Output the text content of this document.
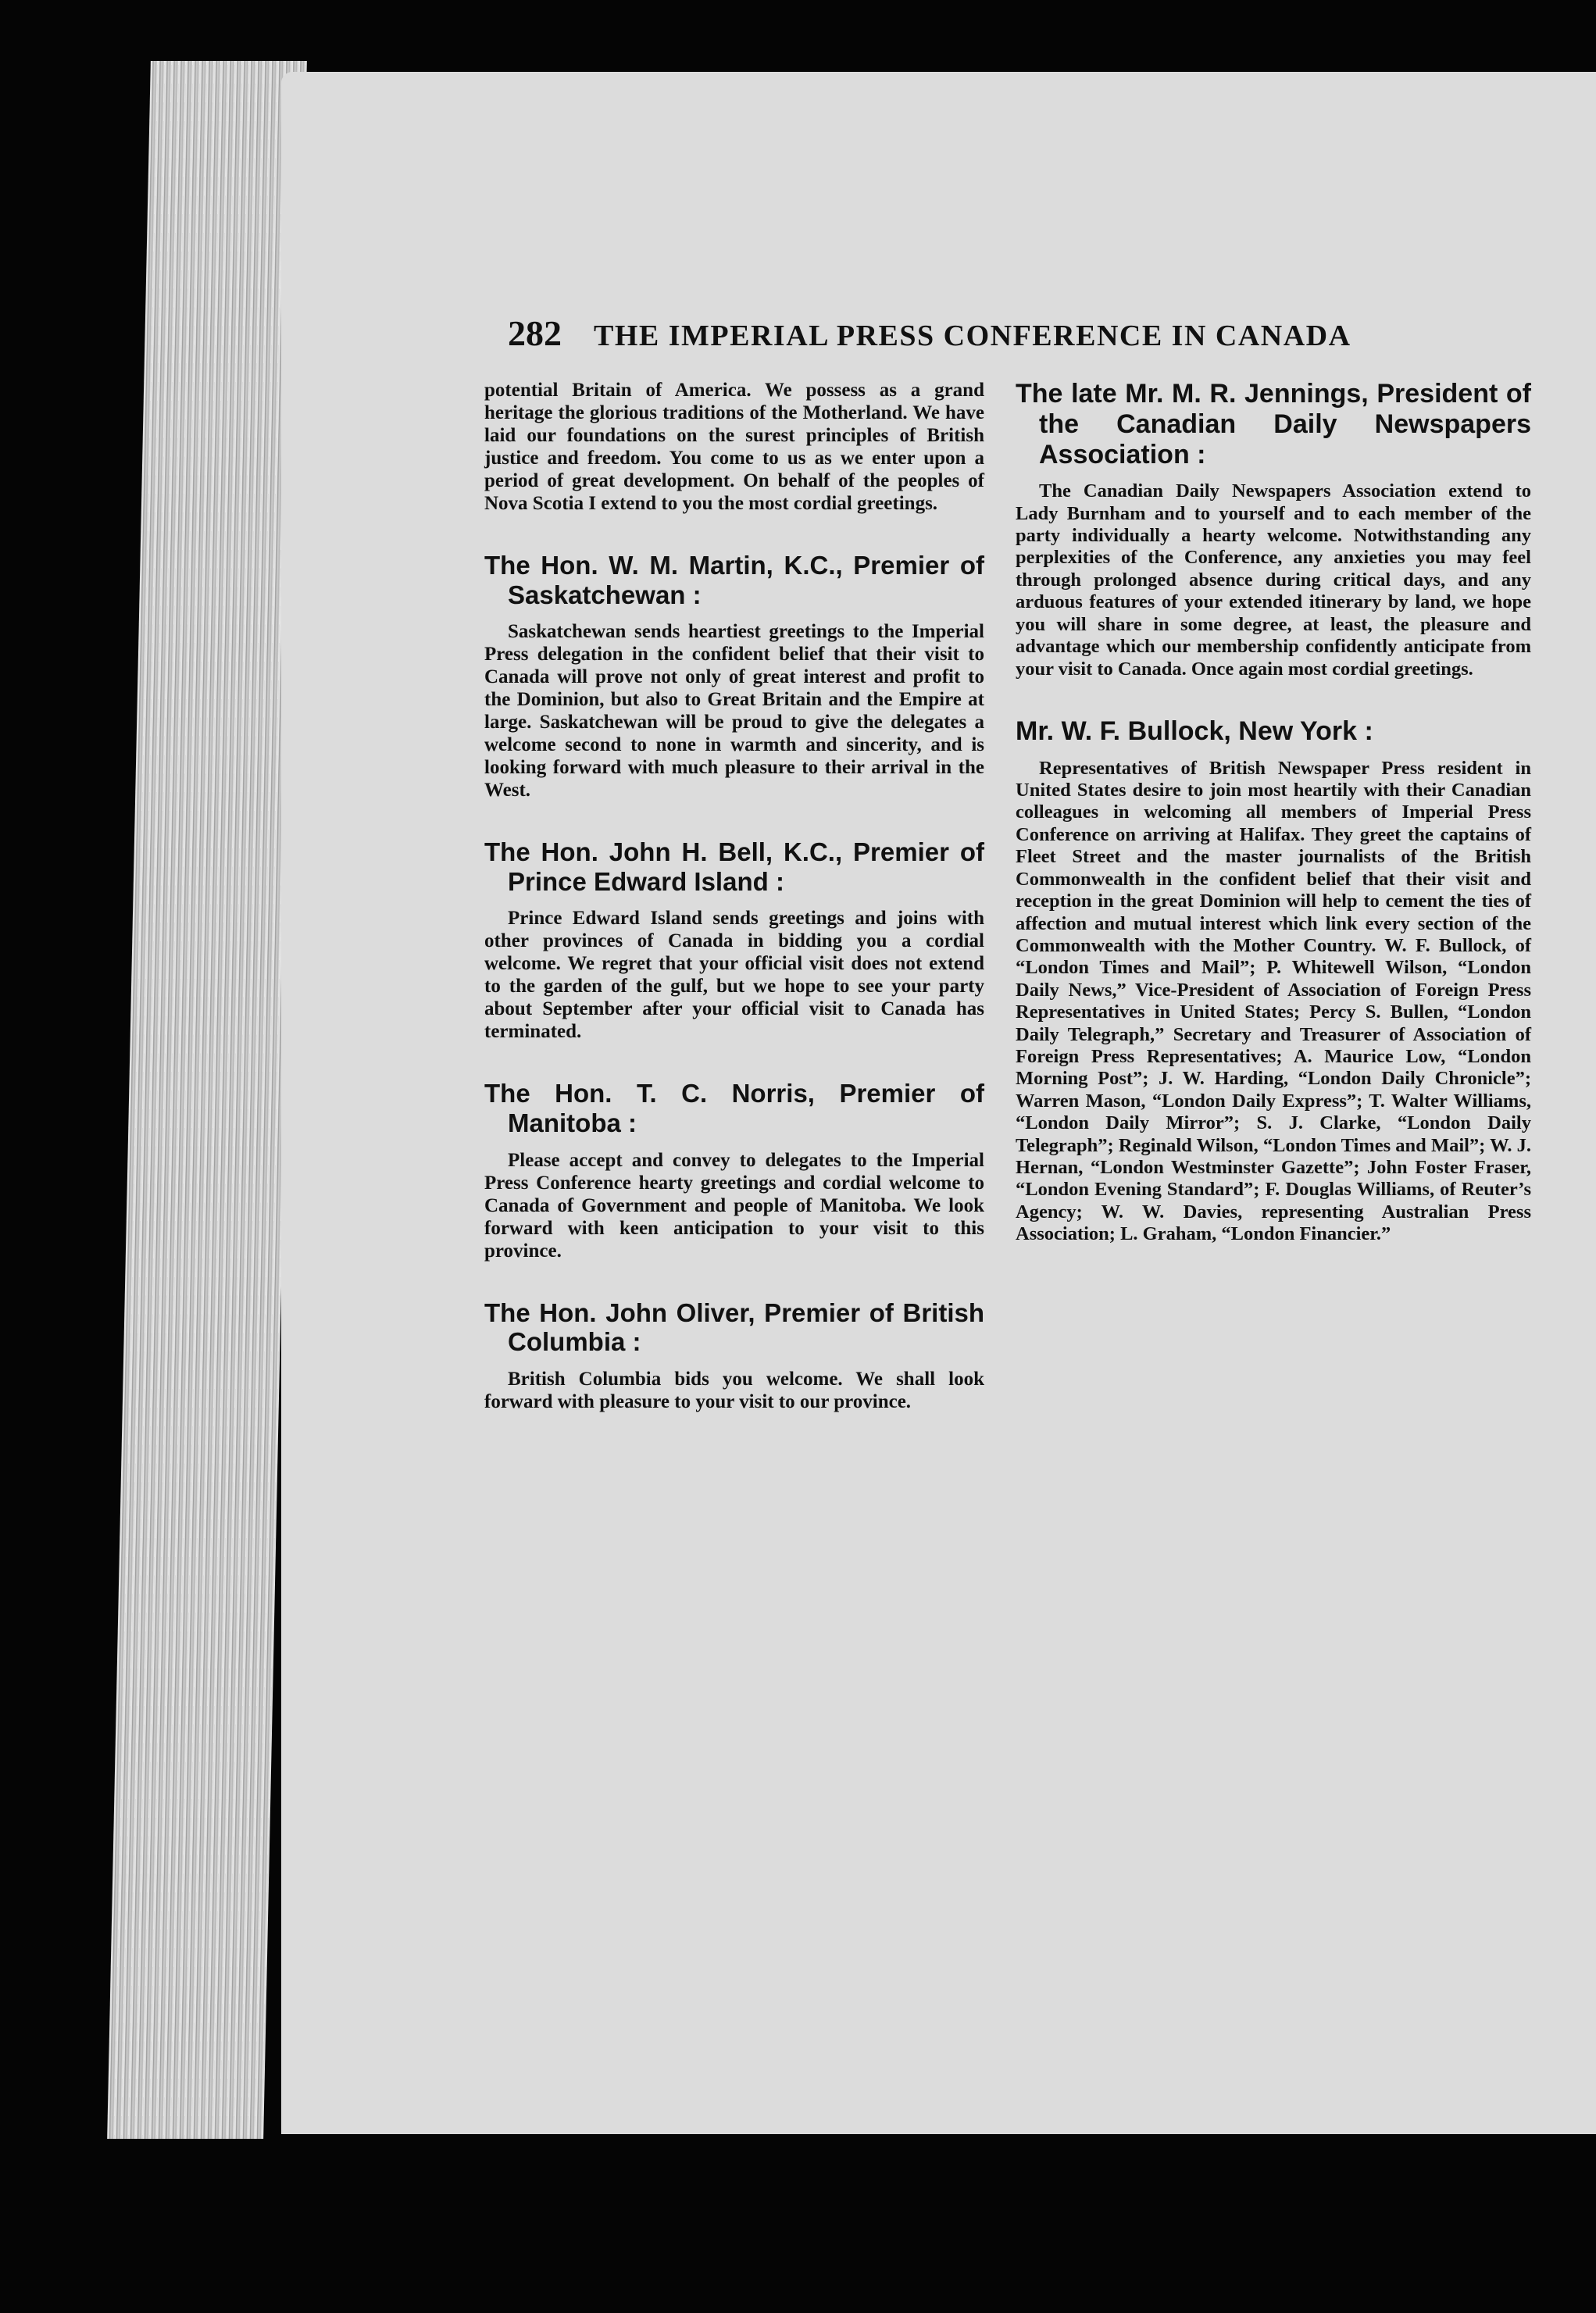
282	THE IMPERIAL PRESS CONFERENCE IN CANADA

potential Britain of America. We possess as a grand heritage the glorious traditions of the Motherland. We have laid our foundations on the surest principles of British justice and freedom. You come to us as we enter upon a period of great development. On behalf of the peoples of Nova Scotia I extend to you the most cordial greetings.

The Hon. W. M. Martin, K.C., Premier of Saskatchewan :

Saskatchewan sends heartiest greetings to the Imperial Press delegation in the confident belief that their visit to Canada will prove not only of great interest and profit to the Dominion, but also to Great Britain and the Empire at large. Saskatchewan will be proud to give the delegates a welcome second to none in warmth and sincerity, and is looking forward with much pleasure to their arrival in the West.

The Hon. John H. Bell, K.C., Premier of Prince Edward Island :

Prince Edward Island sends greetings and joins with other provinces of Canada in bidding you a cordial welcome. We regret that your official visit does not extend to the garden of the gulf, but we hope to see your party about September after your official visit to Canada has terminated.

The Hon. T. C. Norris, Premier of Manitoba :

Please accept and convey to delegates to the Imperial Press Conference hearty greetings and cordial welcome to Canada of Government and people of Manitoba. We look forward with keen anticipation to your visit to this province.

The Hon. John Oliver, Premier of British Columbia :

British Columbia bids you welcome. We shall look forward with pleasure to your visit to our province.

The late Mr. M. R. Jennings, President of the Canadian Daily Newspapers Association :

The Canadian Daily Newspapers Association extend to Lady Burnham and to yourself and to each member of the party individually a hearty welcome. Notwithstanding any perplexities of the Conference, any anxieties you may feel through prolonged absence during critical days, and any arduous features of your extended itinerary by land, we hope you will share in some degree, at least, the pleasure and advantage which our membership confidently anticipate from your visit to Canada. Once again most cordial greetings.

Mr. W. F. Bullock, New York :

Representatives of British Newspaper Press resident in United States desire to join most heartily with their Canadian colleagues in welcoming all members of Imperial Press Conference on arriving at Halifax. They greet the captains of Fleet Street and the master journalists of the British Commonwealth in the confident belief that their visit and reception in the great Dominion will help to cement the ties of affection and mutual interest which link every section of the Commonwealth with the Mother Country. W. F. Bullock, of “London Times and Mail”; P. Whitewell Wilson, “London Daily News,” Vice-President of Association of Foreign Press Representatives in United States; Percy S. Bullen, “London Daily Telegraph,” Secretary and Treasurer of Association of Foreign Press Representatives; A. Maurice Low, “London Morning Post”; J. W. Harding, “London Daily Chronicle”; Warren Mason, “London Daily Express”; T. Walter Williams, “London Daily Mirror”; S. J. Clarke, “London Daily Telegraph”; Reginald Wilson, “London Times and Mail”; W. J. Hernan, “London Westminster Gazette”; John Foster Fraser, “London Evening Standard”; F. Douglas Williams, of Reuter’s Agency; W. W. Davies, representing Australian Press Association; L. Graham, “London Financier.”
